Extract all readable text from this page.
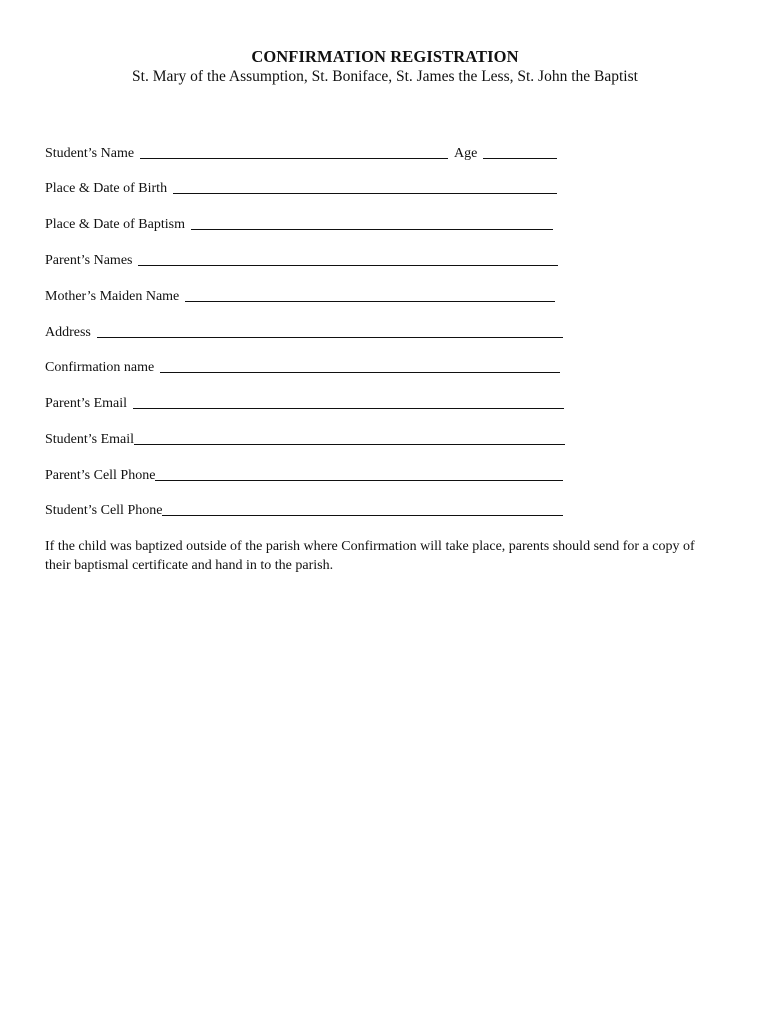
CONFIRMATION REGISTRATION
St. Mary of the Assumption, St. Boniface, St. James the Less, St. John the Baptist
Student’s Name	Age
Place & Date of Birth
Place & Date of Baptism
Parent’s Names
Mother’s Maiden Name
Address
Confirmation name
Parent’s Email
Student’s Email
Parent’s Cell Phone
Student’s Cell Phone
If the child was baptized outside of the parish where Confirmation will take place, parents should send for a copy of their baptismal certificate and hand in to the parish.
